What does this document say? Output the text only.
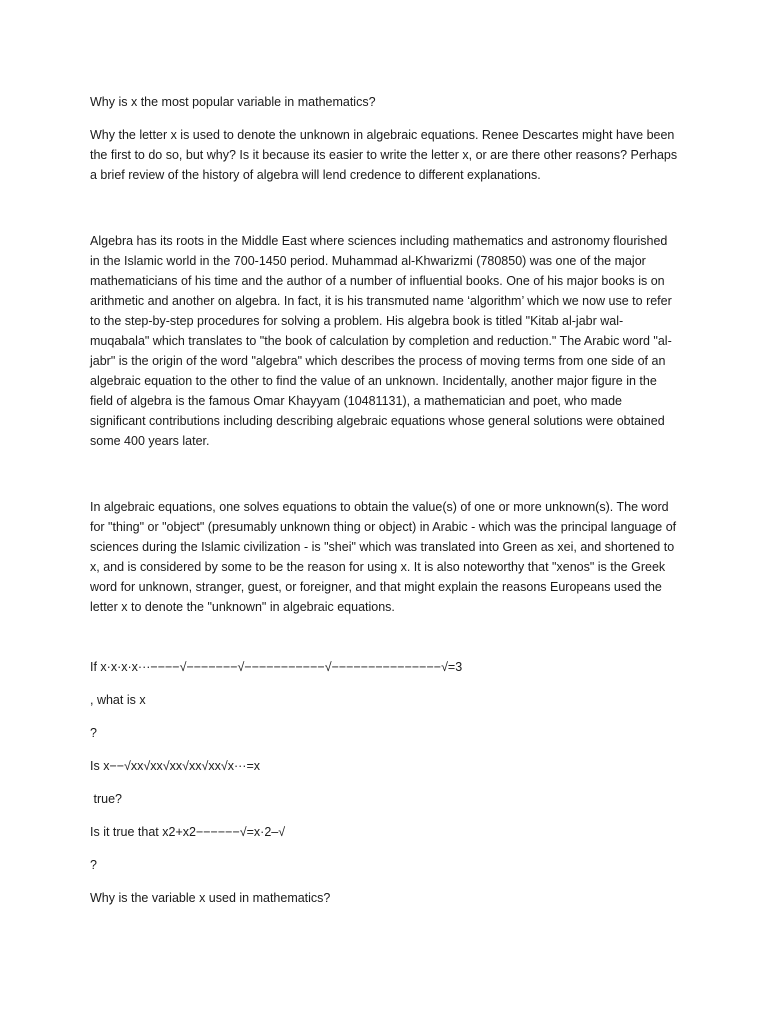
Why is x the most popular variable in mathematics?

Why the letter x is used to denote the unknown in algebraic equations. Renee Descartes might have been the first to do so, but why? Is it because its easier to write the letter x, or are there other reasons? Perhaps a brief review of the history of algebra will lend credence to different explanations.

Algebra has its roots in the Middle East where sciences including mathematics and astronomy flourished in the Islamic world in the 700-1450 period. Muhammad al-Khwarizmi (780850) was one of the major mathematicians of his time and the author of a number of influential books. One of his major books is on arithmetic and another on algebra. In fact, it is his transmuted name ‘algorithm’ which we now use to refer to the step-by-step procedures for solving a problem. His algebra book is titled "Kitab al-jabr wal-muqabala" which translates to "the book of calculation by completion and reduction." The Arabic word "al-jabr" is the origin of the word "algebra" which describes the process of moving terms from one side of an algebraic equation to the other to find the value of an unknown. Incidentally, another major figure in the field of algebra is the famous Omar Khayyam (10481131), a mathematician and poet, who made significant contributions including describing algebraic equations whose general solutions were obtained some 400 years later.

In algebraic equations, one solves equations to obtain the value(s) of one or more unknown(s). The word for "thing" or "object" (presumably unknown thing or object) in Arabic - which was the principal language of sciences during the Islamic civilization - is "shei" which was translated into Green as xei, and shortened to x, and is considered by some to be the reason for using x. It is also noteworthy that "xenos" is the Greek word for unknown, stranger, guest, or foreigner, and that might explain the reasons Europeans used the letter x to denote the "unknown" in algebraic equations.

If x·x·x·x···−−−−√−−−−−−−√−−−−−−−−−−−√−−−−−−−−−−−−−−−√=3

, what is x

?

Is x−−√xx√xx√xx√xx√xx√x···=x

true?

Is it true that x2+x2−−−−−−√=x·2–√

?

Why is the variable x used in mathematics?
